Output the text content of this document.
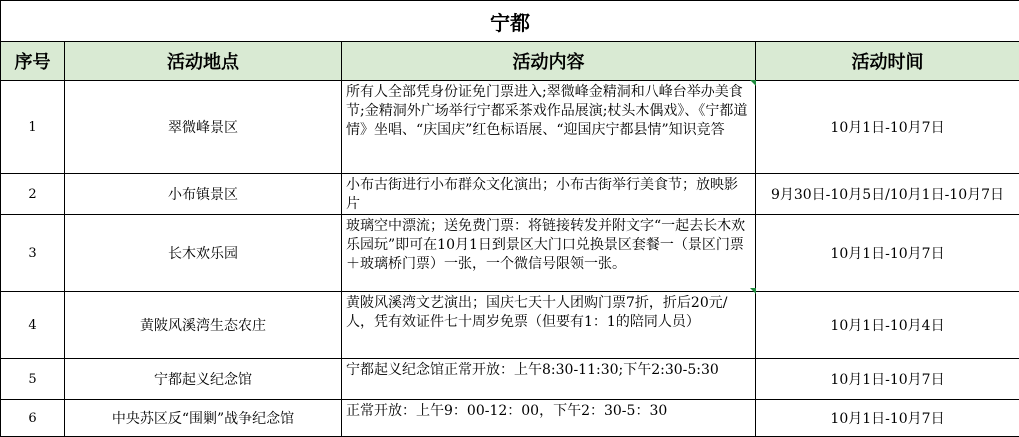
宁都			
序号	活动地点	活动内容	活动时间
1	翠微峰景区	所有人全部凭身份证免门票进入;翠微峰金精洞和八峰台举办美食节;金精洞外广场举行宁都采茶戏作品展演;杖头木偶戏》、《宁都道情》坐唱、“庆国庆”红色标语展、“迎国庆宁都县情”知识竞答	10月1日-10月7日
2	小布镇景区	小布古街进行小布群众文化演出；小布古街举行美食节；放映影片	9月30日-10月5日/10月1日-10月7日
3	长木欢乐园	玻璃空中漂流；送免费门票：将链接转发并附文字“一起去长木欢乐园玩”即可在10月1日到景区大门口兑换景区套餐一（景区门票＋玻璃桥门票）一张，一个微信号限领一张。	10月1日-10月7日
4	黄陂风溪湾生态农庄	黄陂风溪湾文艺演出；国庆七天十人团购门票7折，折后20元/人，凭有效证件七十周岁免票（但要有1：1的陪同人员）	10月1日-10月4日
5	宁都起义纪念馆	宁都起义纪念馆正常开放：上午8:30-11:30;下午2:30-5:30	10月1日-10月7日
6	中央苏区反“围剿”战争纪念馆	正常开放：上午9：00-12：00，下午2：30-5：30	10月1日-10月7日
